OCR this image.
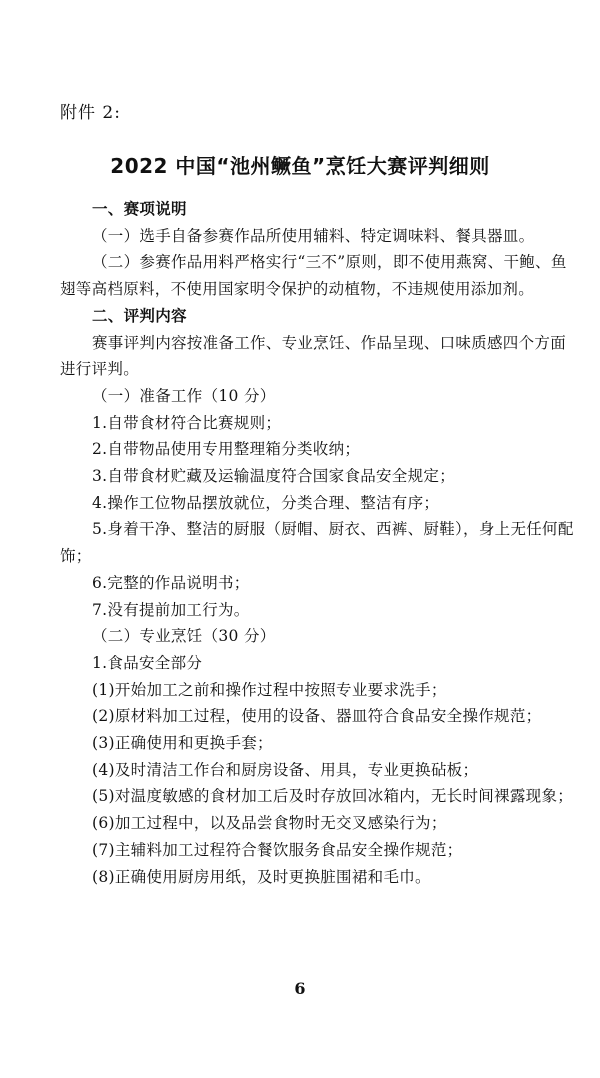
附件 2:
2022 中国“池州鳜鱼”烹饪大赛评判细则

一、赛项说明

（一）选手自备参赛作品所使用辅料、特定调味料、餐具器皿。

（二）参赛作品用料严格实行“三不”原则，即不使用燕窝、干鲍、鱼翅等高档原料，不使用国家明令保护的动植物，不违规使用添加剂。

二、评判内容

赛事评判内容按准备工作、专业烹饪、作品呈现、口味质感四个方面进行评判。

（一）准备工作（10 分）

1.自带食材符合比赛规则；

2.自带物品使用专用整理箱分类收纳；

3.自带食材贮藏及运输温度符合国家食品安全规定；

4.操作工位物品摆放就位，分类合理、整洁有序；

5.身着干净、整洁的厨服（厨帽、厨衣、西裤、厨鞋），身上无任何配饰；

6.完整的作品说明书；

7.没有提前加工行为。

（二）专业烹饪（30 分）

1.食品安全部分

(1)开始加工之前和操作过程中按照专业要求洗手；

(2)原材料加工过程，使用的设备、器皿符合食品安全操作规范；

(3)正确使用和更换手套；

(4)及时清洁工作台和厨房设备、用具，专业更换砧板；

(5)对温度敏感的食材加工后及时存放回冰箱内，无长时间裸露现象；

(6)加工过程中，以及品尝食物时无交叉感染行为；

(7)主辅料加工过程符合餐饮服务食品安全操作规范；

(8)正确使用厨房用纸，及时更换脏围裙和毛巾。

6
